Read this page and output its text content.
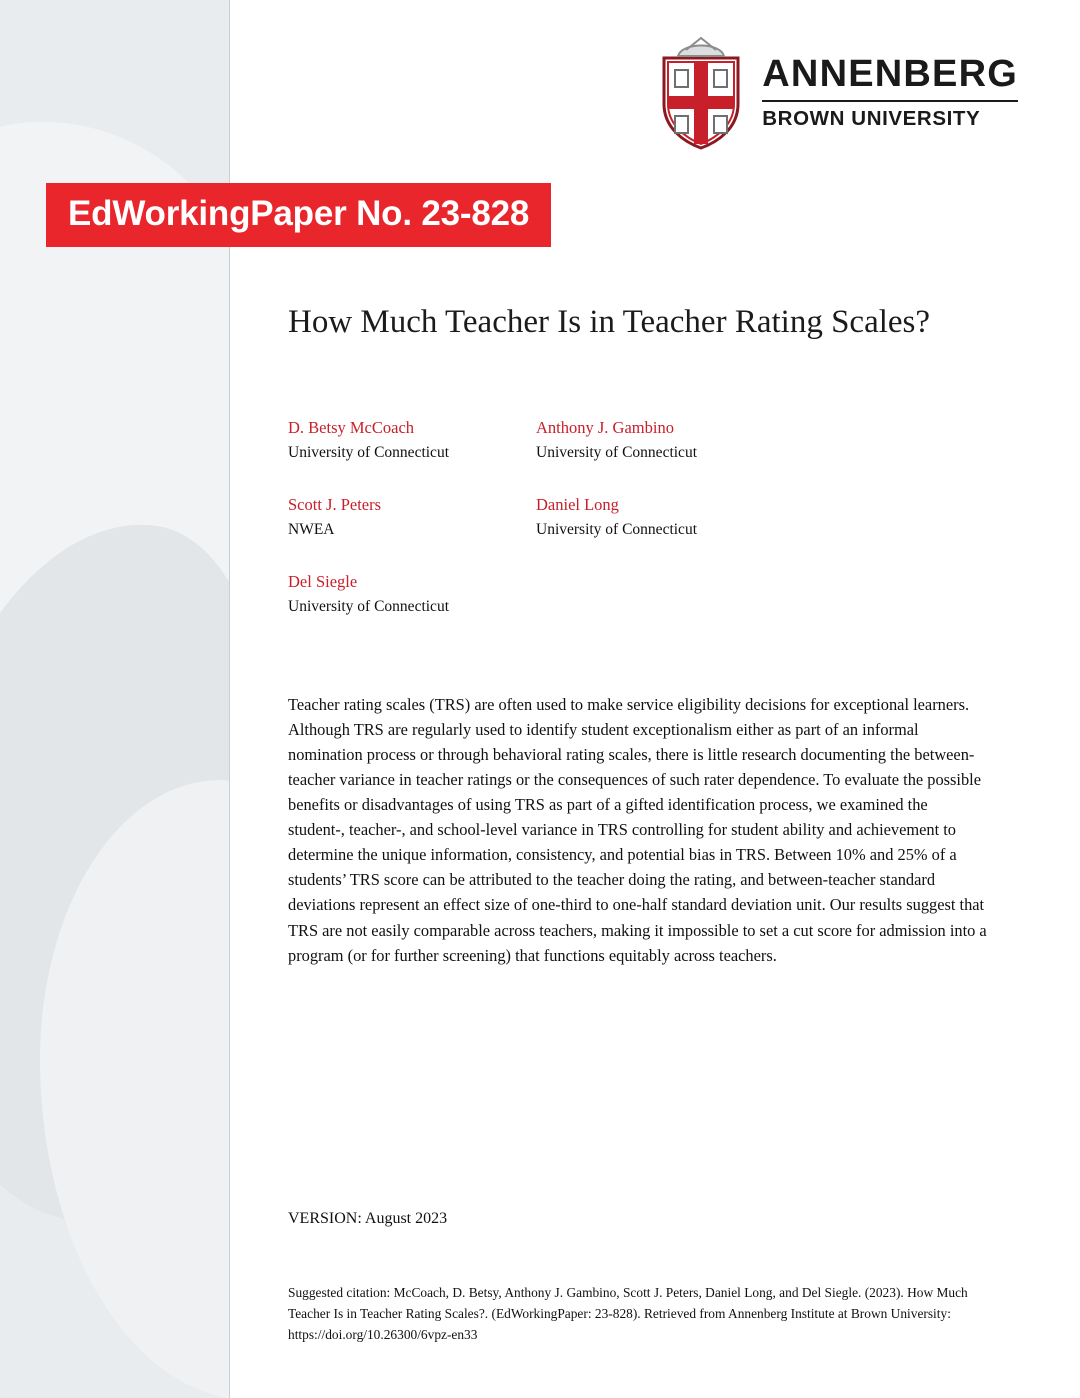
ANNENBERG
BROWN UNIVERSITY
EdWorkingPaper No. 23-828
How Much Teacher Is in Teacher Rating Scales?
D. Betsy McCoach
University of Connecticut
Anthony J. Gambino
University of Connecticut
Scott J. Peters
NWEA
Daniel Long
University of Connecticut
Del Siegle
University of Connecticut
Teacher rating scales (TRS) are often used to make service eligibility decisions for exceptional learners. Although TRS are regularly used to identify student exceptionalism either as part of an informal nomination process or through behavioral rating scales, there is little research documenting the between-teacher variance in teacher ratings or the consequences of such rater dependence. To evaluate the possible benefits or disadvantages of using TRS as part of a gifted identification process, we examined the student-, teacher-, and school-level variance in TRS controlling for student ability and achievement to determine the unique information, consistency, and potential bias in TRS. Between 10% and 25% of a students’ TRS score can be attributed to the teacher doing the rating, and between-teacher standard deviations represent an effect size of one-third to one-half standard deviation unit. Our results suggest that TRS are not easily comparable across teachers, making it impossible to set a cut score for admission into a program (or for further screening) that functions equitably across teachers.
VERSION: August 2023
Suggested citation: McCoach, D. Betsy, Anthony J. Gambino, Scott J. Peters, Daniel Long, and Del Siegle. (2023). How Much Teacher Is in Teacher Rating Scales?. (EdWorkingPaper: 23-828). Retrieved from Annenberg Institute at Brown University: https://doi.org/10.26300/6vpz-en33
